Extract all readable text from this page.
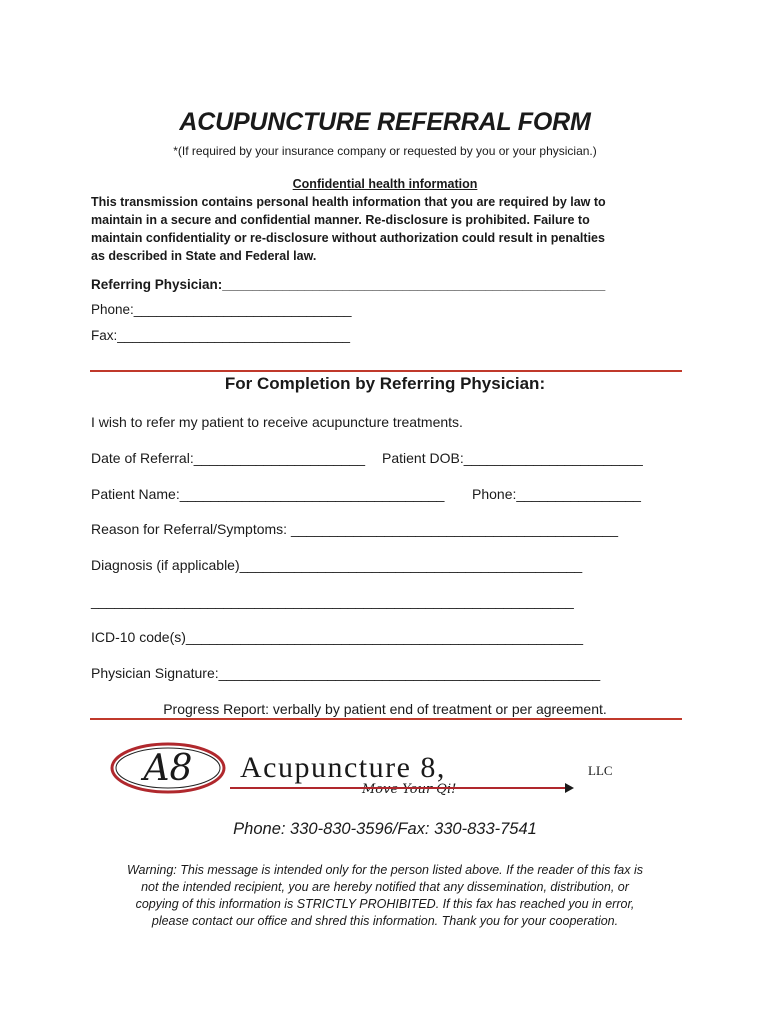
ACUPUNCTURE REFERRAL FORM
*(If required by your insurance company or requested by you or your physician.)
Confidential health information
This transmission contains personal health information that you are required by law to
maintain in a secure and confidential manner. Re-disclosure is prohibited. Failure to
maintain confidentiality or re-disclosure without authorization could result in penalties
as described in State and Federal law.
Referring Physician:___________________________________________________
Phone:_____________________________
Fax:_______________________________
For Completion by Referring Physician:
I wish to refer my patient to receive acupuncture treatments.
Date of Referral:______________________ Patient DOB:_______________________
Patient Name:__________________________________ Phone:________________
Reason for Referral/Symptoms: __________________________________________
Diagnosis (if applicable)____________________________________________
______________________________________________________________
ICD-10 code(s)___________________________________________________
Physician Signature:_________________________________________________
Progress Report: verbally by patient end of treatment or per agreement.
A8 Acupuncture 8,	LLC
Move Your Qi!
Phone: 330-830-3596/Fax: 330-833-7541
Warning: This message is intended only for the person listed above. If the reader of this fax is
not the intended recipient, you are hereby notified that any dissemination, distribution, or
copying of this information is STRICTLY PROHIBITED. If this fax has reached you in error,
please contact our office and shred this information. Thank you for your cooperation.
